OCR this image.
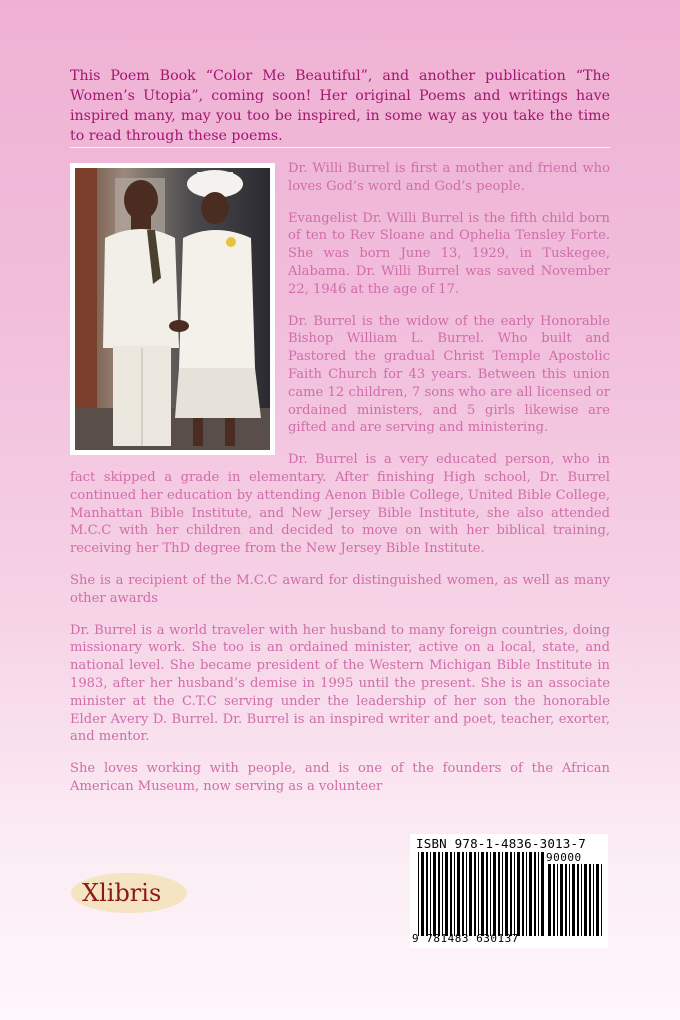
This Poem Book “Color Me Beautiful”, and another publication “The Women’s Utopia”, coming soon! Her original Poems and writings have inspired many, may you too be inspired, in some way as you take the time to read through these poems.

Dr. Willi Burrel is first a mother and friend who loves God’s word and God’s people.

Evangelist Dr. Willi Burrel is the fifth child born of ten to Rev Sloane and Ophelia Tensley Forte. She was born June 13, 1929, in Tuskegee, Alabama. Dr. Willi Burrel was saved November 22, 1946 at the age of 17.

Dr. Burrel is the widow of the early Honorable Bishop William L. Burrel. Who built and Pastored the gradual Christ Temple Apostolic Faith Church for 43 years. Between this union came 12 children, 7 sons who are all licensed or ordained ministers, and 5 girls likewise are gifted and are serving and ministering.

Dr. Burrel is a very educated person, who in fact skipped a grade in elementary. After finishing High school, Dr. Burrel continued her education by attending Aenon Bible College, United Bible College, Manhattan Bible Institute, and New Jersey Bible Institute, she also attended M.C.C with her children and decided to move on with her biblical training, receiving her ThD degree from the New Jersey Bible Institute.

She is a recipient of the M.C.C award for distinguished women, as well as many other awards

Dr. Burrel is a world traveler with her husband to many foreign countries, doing missionary work. She too is an ordained minister, active on a local, state, and national level. She became president of the Western Michigan Bible Institute in 1983, after her husband’s demise in 1995 until the present. She is an associate minister at the C.T.C serving under the leadership of her son the honorable Elder Avery D. Burrel. Dr. Burrel is an inspired writer and poet, teacher, exorter, and mentor.

She loves working with people, and is one of the founders of the African American Museum, now serving as a volunteer

Xlibris
ISBN 978-1-4836-3013-7
90000
9 781483 630137
